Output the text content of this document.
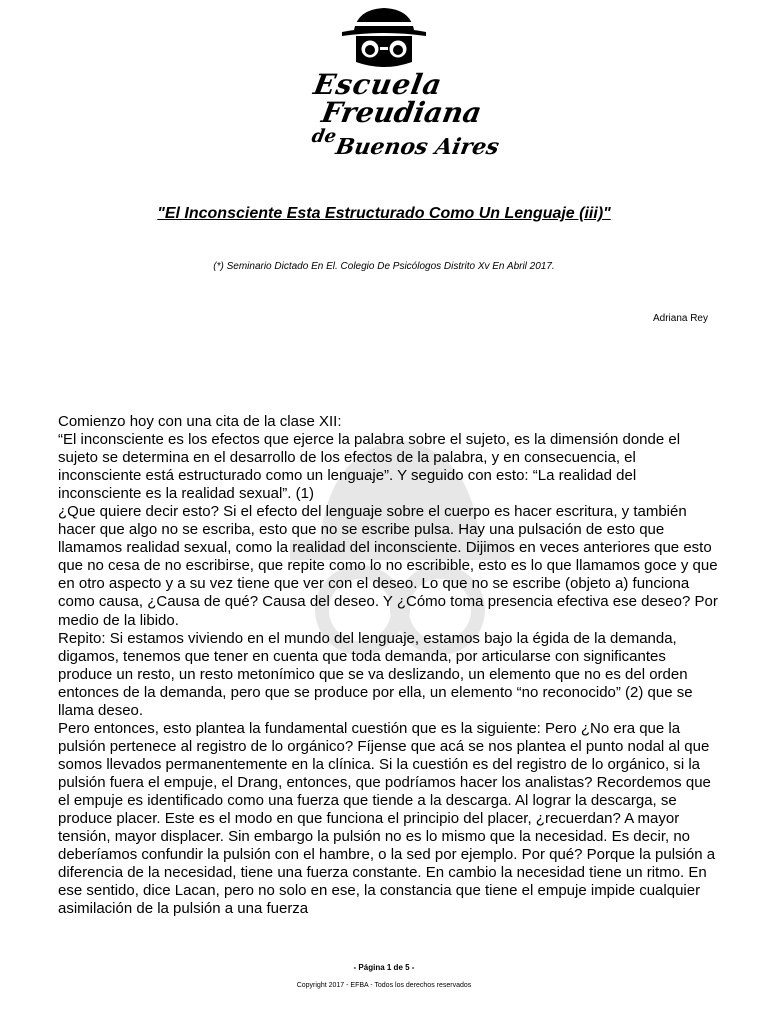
Escuela
Freudiana
de
Buenos Aires
"El Inconsciente Esta Estructurado Como Un Lenguaje (iii)"
(*) Seminario Dictado En El. Colegio De Psicólogos Distrito Xv En Abril 2017.
Adriana Rey

Comienzo hoy con una cita de la clase XII:

“El inconsciente es los efectos que ejerce la palabra sobre el sujeto, es la dimensión donde el sujeto se determina en el desarrollo de los efectos de la palabra, y en consecuencia, el inconsciente está estructurado como un lenguaje”. Y seguido con esto: “La realidad del inconsciente es la realidad sexual”. (1)

¿Que quiere decir esto? Si el efecto del lenguaje sobre el cuerpo es hacer escritura, y también hacer que algo no se escriba, esto que no se escribe pulsa. Hay una pulsación de esto que llamamos realidad sexual, como la realidad del inconsciente. Dijimos en veces anteriores que esto que no cesa de no escribirse, que repite como lo no escribible, esto es lo que llamamos goce y que en otro aspecto y a su vez tiene que ver con el deseo. Lo que no se escribe (objeto a) funciona como causa, ¿Causa de qué? Causa del deseo. Y ¿Cómo toma presencia efectiva ese deseo? Por medio de la libido.

Repito: Si estamos viviendo en el mundo del lenguaje, estamos bajo la égida de la demanda, digamos, tenemos que tener en cuenta que toda demanda, por articularse con significantes produce un resto, un resto metonímico que se va deslizando, un elemento que no es del orden entonces de la demanda, pero que se produce por ella, un elemento “no reconocido” (2) que se llama deseo.

Pero entonces, esto plantea la fundamental cuestión que es la siguiente: Pero ¿No era que la pulsión pertenece al registro de lo orgánico? Fíjense que acá se nos plantea el punto nodal al que somos llevados permanentemente en la clínica. Si la cuestión es del registro de lo orgánico, si la pulsión fuera el empuje, el Drang, entonces, que podríamos hacer los analistas? Recordemos que el empuje es identificado como una fuerza que tiende a la descarga. Al lograr la descarga, se produce placer. Este es el modo en que funciona el principio del placer, ¿recuerdan? A mayor tensión, mayor displacer. Sin embargo la pulsión no es lo mismo que la necesidad. Es decir, no deberíamos confundir la pulsión con el hambre, o la sed por ejemplo. Por qué? Porque la pulsión a diferencia de la necesidad, tiene una fuerza constante. En cambio la necesidad tiene un ritmo. En ese sentido, dice Lacan, pero no solo en ese, la constancia que tiene el empuje impide cualquier asimilación de la pulsión a una fuerza

- Página 1 de 5 -
Copyright 2017 - EFBA - Todos los derechos reservados
